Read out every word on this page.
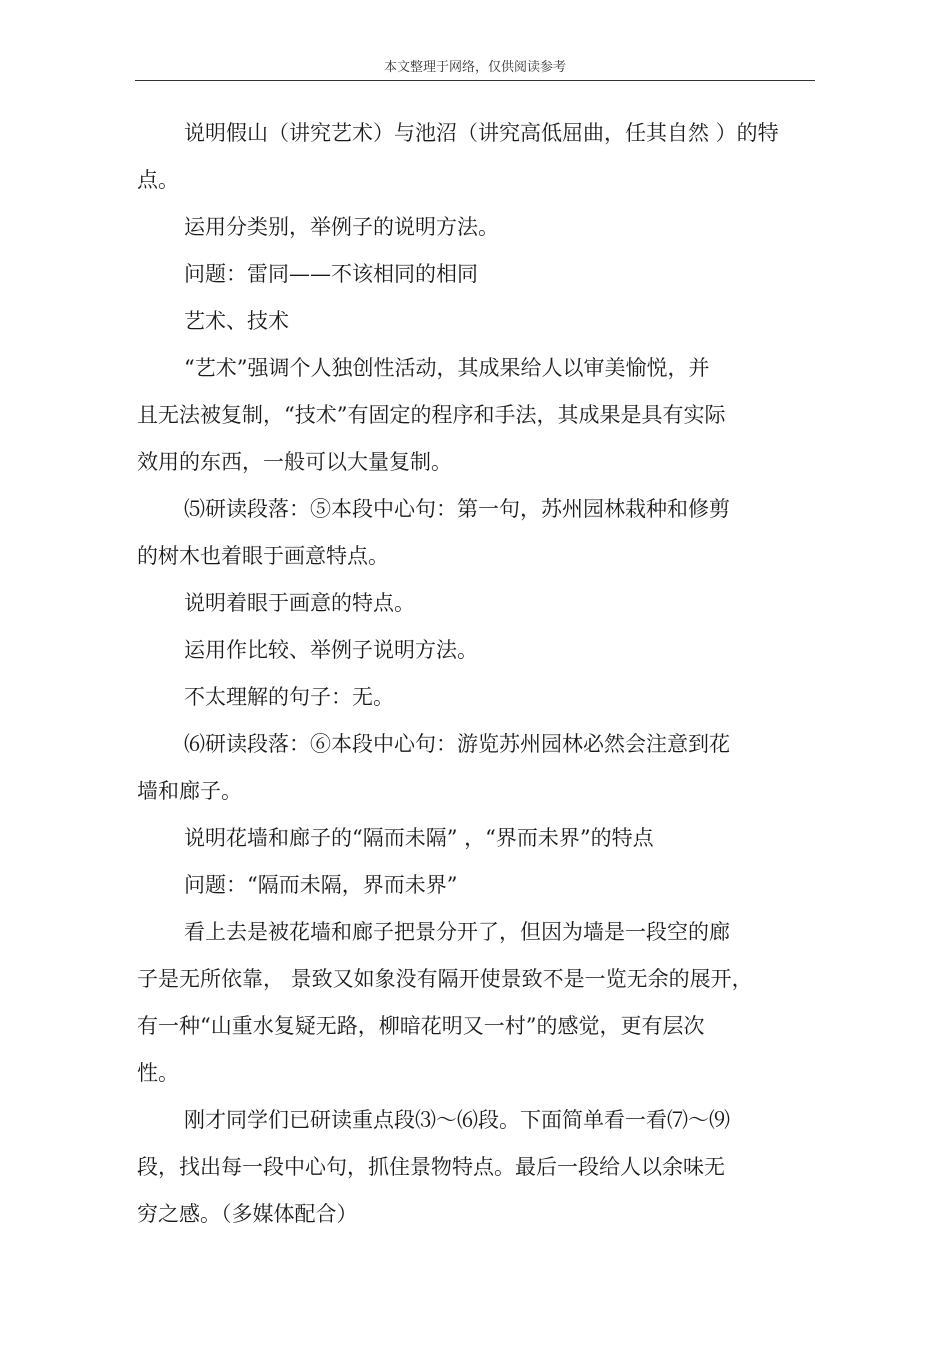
本文整理于网络，仅供阅读参考

说明假山（讲究艺术）与池沼（讲究高低屈曲，任其自然 ）的特

点。

运用分类别，举例子的说明方法。

问题：雷同——不该相同的相同

艺术、技术

“艺术”强调个人独创性活动，其成果给人以审美愉悦，并

且无法被复制，“技术”有固定的程序和手法，其成果是具有实际

效用的东西，一般可以大量复制。

⑸研读段落：⑤本段中心句：第一句，苏州园林栽种和修剪

的树木也着眼于画意特点。

说明着眼于画意的特点。

运用作比较、举例子说明方法。

不太理解的句子：无。

⑹研读段落：⑥本段中心句：游览苏州园林必然会注意到花

墙和廊子。

说明花墙和廊子的“隔而未隔” ，“界而未界”的特点

问题：“隔而未隔，界而未界”

看上去是被花墙和廊子把景分开了，但因为墙是一段空的廊

子是无所依靠， 景致又如象没有隔开使景致不是一览无余的展开，

有一种“山重水复疑无路，柳暗花明又一村”的感觉，更有层次

性。

刚才同学们已研读重点段⑶～⑹段。下面简单看一看⑺～⑼

段，找出每一段中心句，抓住景物特点。最后一段给人以余味无

穷之感。（多媒体配合）
